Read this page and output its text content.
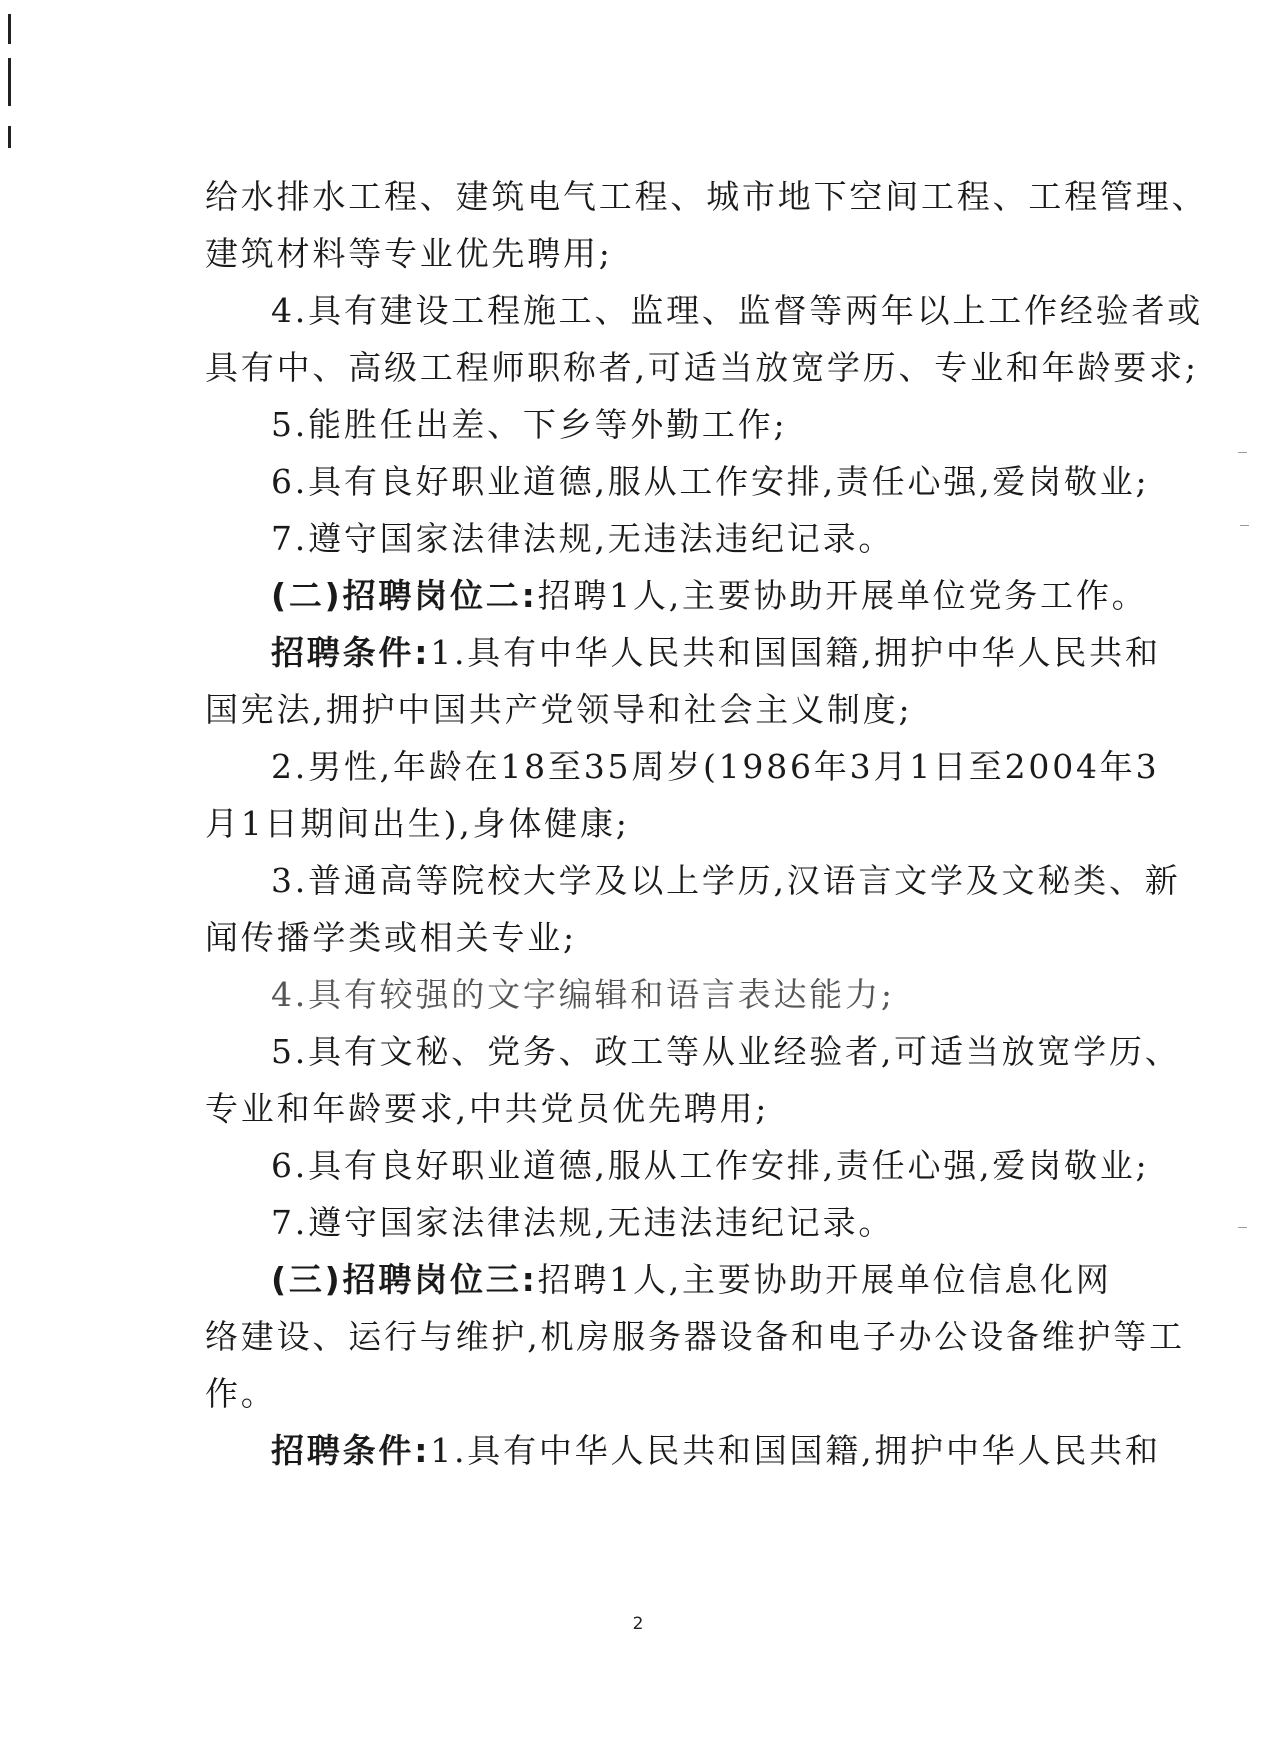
给水排水工程、建筑电气工程、城市地下空间工程、工程管理、
建筑材料等专业优先聘用;
4.具有建设工程施工、监理、监督等两年以上工作经验者或
具有中、高级工程师职称者,可适当放宽学历、专业和年龄要求;
5.能胜任出差、下乡等外勤工作;
6.具有良好职业道德,服从工作安排,责任心强,爱岗敬业;
7.遵守国家法律法规,无违法违纪记录。
(二)招聘岗位二:招聘1人,主要协助开展单位党务工作。
招聘条件:1.具有中华人民共和国国籍,拥护中华人民共和
国宪法,拥护中国共产党领导和社会主义制度;
2.男性,年龄在18至35周岁(1986年3月1日至2004年3
月1日期间出生),身体健康;
3.普通高等院校大学及以上学历,汉语言文学及文秘类、新
闻传播学类或相关专业;
4.具有较强的文字编辑和语言表达能力;
5.具有文秘、党务、政工等从业经验者,可适当放宽学历、
专业和年龄要求,中共党员优先聘用;
6.具有良好职业道德,服从工作安排,责任心强,爱岗敬业;
7.遵守国家法律法规,无违法违纪记录。
(三)招聘岗位三:招聘1人,主要协助开展单位信息化网
络建设、运行与维护,机房服务器设备和电子办公设备维护等工
作。
招聘条件:1.具有中华人民共和国国籍,拥护中华人民共和
2
